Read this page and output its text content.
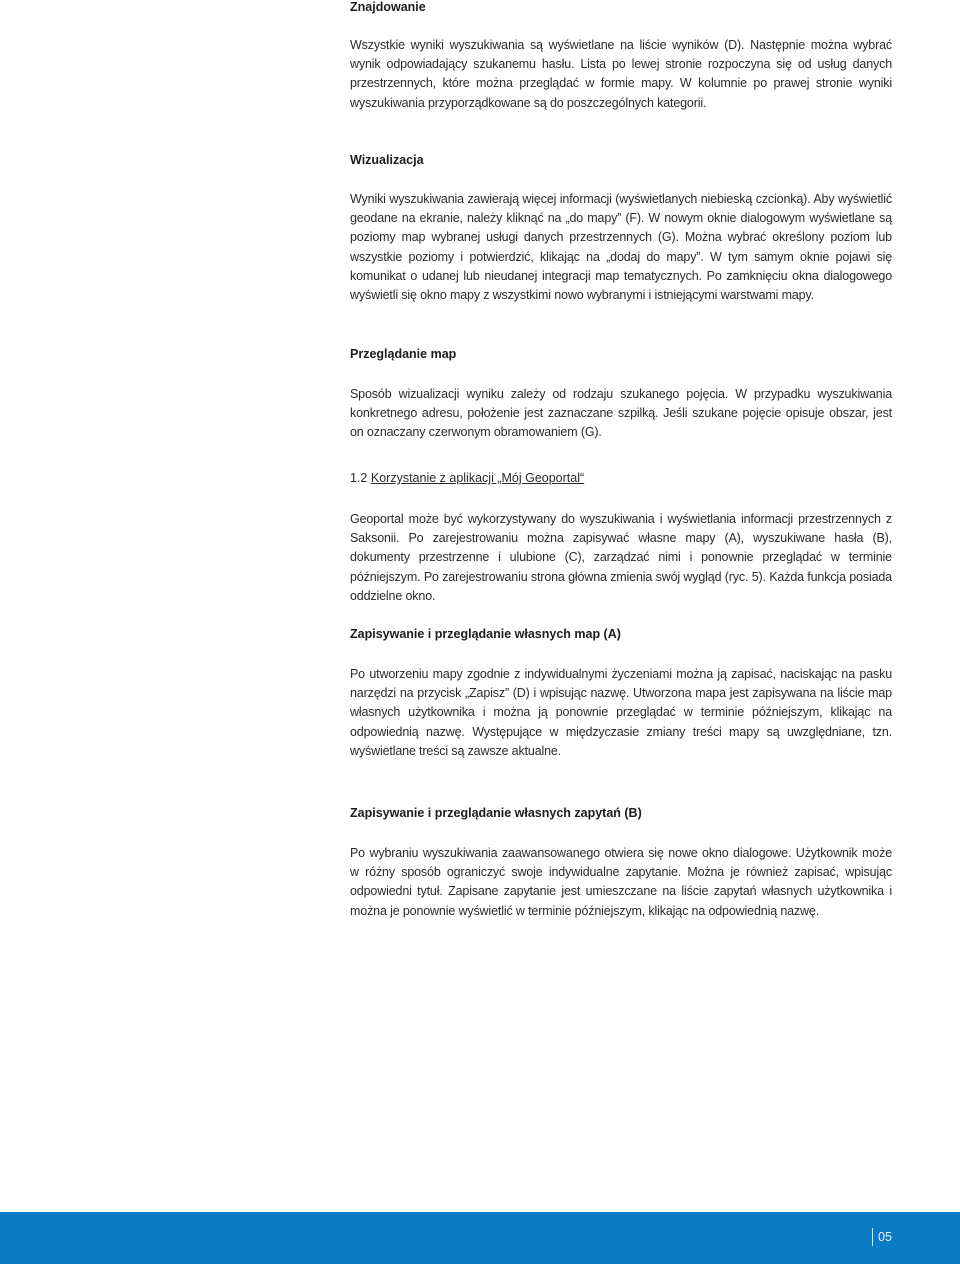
Znajdowanie

Wszystkie wyniki wyszukiwania są wyświetlane na liście wyników (D). Następnie można wybrać wynik odpowiadający szukanemu hasłu. Lista po lewej stronie rozpoczyna się od usług danych przestrzennych, które można przeglądać w formie mapy. W kolumnie po prawej stronie wyniki wyszukiwania przyporządkowane są do poszczególnych kategorii.

Wizualizacja

Wyniki wyszukiwania zawierają więcej informacji (wyświetlanych niebieską czcionką). Aby wyświetlić geodane na ekranie, należy kliknąć na „do mapy” (F). W nowym oknie dialogowym wyświetlane są poziomy map wybranej usługi danych przestrzennych (G). Można wybrać określony poziom lub wszystkie poziomy i potwierdzić, klikając na „dodaj do mapy”. W tym samym oknie pojawi się komunikat o udanej lub nieudanej integracji map tematycznych. Po zamknięciu okna dialogowego wyświetli się okno mapy z wszystkimi nowo wybranymi i istniejącymi warstwami mapy.

Przeglądanie map

Sposób wizualizacji wyniku zależy od rodzaju szukanego pojęcia. W przypadku wyszukiwania konkretnego adresu, położenie jest zaznaczane szpilką. Jeśli szukane pojęcie opisuje obszar, jest on oznaczany czerwonym obramowaniem (G).

1.2 Korzystanie z aplikacji „Mój Geoportal“

Geoportal może być wykorzystywany do wyszukiwania i wyświetlania informacji przestrzennych z Saksonii. Po zarejestrowaniu można zapisywać własne mapy (A), wyszukiwane hasła (B), dokumenty przestrzenne i ulubione (C), zarządzać nimi i ponownie przeglądać w terminie późniejszym. Po zarejestrowaniu strona główna zmienia swój wygląd (ryc. 5). Każda funkcja posiada oddzielne okno.

Zapisywanie i przeglądanie własnych map (A)

Po utworzeniu mapy zgodnie z indywidualnymi życzeniami można ją zapisać, naciskając na pasku narzędzi na przycisk „Zapisz” (D) i wpisując nazwę. Utworzona mapa jest zapisywana na liście map własnych użytkownika i można ją ponownie przeglądać w terminie późniejszym, klikając na odpowiednią nazwę. Występujące w międzyczasie zmiany treści mapy są uwzględniane, tzn. wyświetlane treści są zawsze aktualne.

Zapisywanie i przeglądanie własnych zapytań (B)

Po wybraniu wyszukiwania zaawansowanego otwiera się nowe okno dialogowe. Użytkownik może w różny sposób ograniczyć swoje indywidualne zapytanie. Można je również zapisać, wpisując odpowiedni tytuł. Zapisane zapytanie jest umieszczane na liście zapytań własnych użytkownika i można je ponownie wyświetlić w terminie późniejszym, klikając na odpowiednią nazwę.

05
